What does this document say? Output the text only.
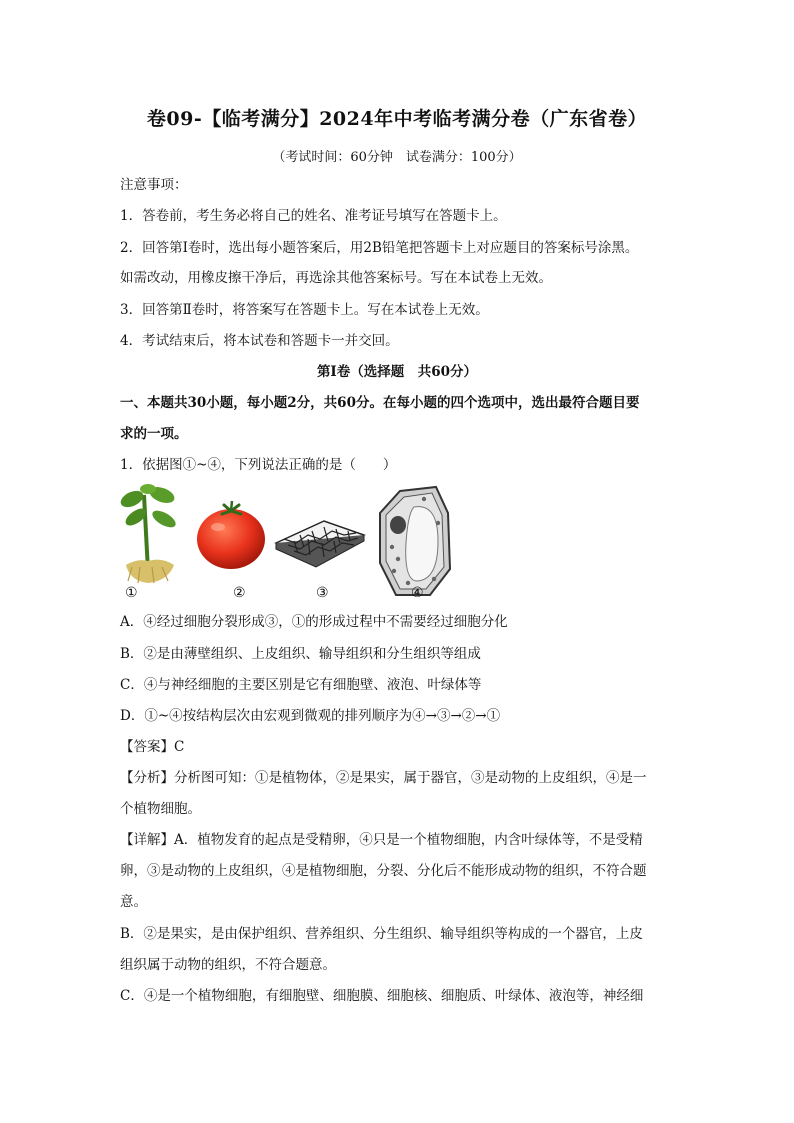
卷09-【临考满分】2024年中考临考满分卷（广东省卷）
（考试时间：60分钟　试卷满分：100分）
注意事项：
1．答卷前，考生务必将自己的姓名、准考证号填写在答题卡上。
2．回答第Ⅰ卷时，选出每小题答案后，用2B铅笔把答题卡上对应题目的答案标号涂黑。
如需改动，用橡皮擦干净后，再选涂其他答案标号。写在本试卷上无效。
3．回答第Ⅱ卷时，将答案写在答题卡上。写在本试卷上无效。
4．考试结束后，将本试卷和答题卡一并交回。
第Ⅰ卷（选择题　共60分）
一、本题共30小题，每小题2分，共60分。在每小题的四个选项中，选出最符合题目要
求的一项。
1．依据图①~④，下列说法正确的是（　　）
①	②	③	④
A．④经过细胞分裂形成③，①的形成过程中不需要经过细胞分化
B．②是由薄壁组织、上皮组织、输导组织和分生组织等组成
C．④与神经细胞的主要区别是它有细胞壁、液泡、叶绿体等
D．①~④按结构层次由宏观到微观的排列顺序为④→③→②→①
【答案】C
【分析】分析图可知：①是植物体，②是果实，属于器官，③是动物的上皮组织，④是一
个植物细胞。
【详解】A．植物发育的起点是受精卵，④只是一个植物细胞，内含叶绿体等，不是受精
卵，③是动物的上皮组织，④是植物细胞，分裂、分化后不能形成动物的组织，不符合题
意。
B．②是果实，是由保护组织、营养组织、分生组织、输导组织等构成的一个器官，上皮
组织属于动物的组织，不符合题意。
C．④是一个植物细胞，有细胞壁、细胞膜、细胞核、细胞质、叶绿体、液泡等，神经细
